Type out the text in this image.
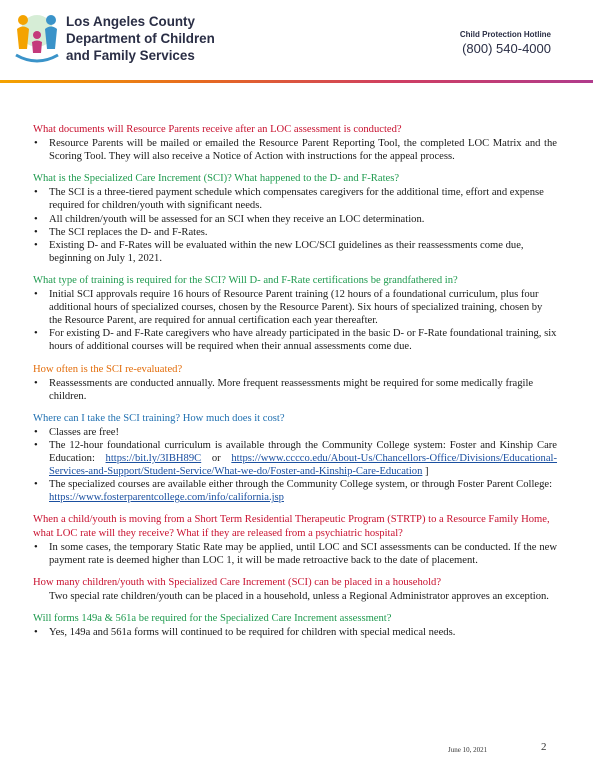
Los Angeles County
Department of Children
and Family Services
Child Protection Hotline
(800) 540-4000
What documents will Resource Parents receive after an LOC assessment is conducted?
• Resource Parents will be mailed or emailed the Resource Parent Reporting Tool, the completed LOC Matrix and the Scoring Tool. They will also receive a Notice of Action with instructions for the appeal process.
What is the Specialized Care Increment (SCI)? What happened to the D- and F-Rates?
• The SCI is a three-tiered payment schedule which compensates caregivers for the additional time, effort and expense required for children/youth with significant needs.
• All children/youth will be assessed for an SCI when they receive an LOC determination.
• The SCI replaces the D- and F-Rates.
• Existing D- and F-Rates will be evaluated within the new LOC/SCI guidelines as their reassessments come due, beginning on July 1, 2021.
What type of training is required for the SCI? Will D- and F-Rate certifications be grandfathered in?
• Initial SCI approvals require 16 hours of Resource Parent training (12 hours of a foundational curriculum, plus four additional hours of specialized courses, chosen by the Resource Parent). Six hours of specialized training, chosen by the Resource Parent, are required for annual certification each year thereafter.
• For existing D- and F-Rate caregivers who have already participated in the basic D- or F-Rate foundational training, six hours of additional courses will be required when their annual assessments come due.
How often is the SCI re-evaluated?
• Reassessments are conducted annually. More frequent reassessments might be required for some medically fragile children.
Where can I take the SCI training? How much does it cost?
• Classes are free!
• The 12-hour foundational curriculum is available through the Community College system: Foster and Kinship Care Education: https://bit.ly/3IBH89C or https://www.cccco.edu/About-Us/Chancellors-Office/Divisions/Educational-Services-and-Support/Student-Service/What-we-do/Foster-and-Kinship-Care-Education ]
• The specialized courses are available either through the Community College system, or through Foster Parent College: https://www.fosterparentcollege.com/info/california.jsp
When a child/youth is moving from a Short Term Residential Therapeutic Program (STRTP) to a Resource Family Home, what LOC rate will they receive? What if they are released from a psychiatric hospital?
• In some cases, the temporary Static Rate may be applied, until LOC and SCI assessments can be conducted. If the new payment rate is deemed higher than LOC 1, it will be made retroactive back to the date of placement.
How many children/youth with Specialized Care Increment (SCI) can be placed in a household?
Two special rate children/youth can be placed in a household, unless a Regional Administrator approves an exception.
Will forms 149a & 561a be required for the Specialized Care Increment assessment?
• Yes, 149a and 561a forms will continued to be required for children with special medical needs.
June 10, 2021	2
